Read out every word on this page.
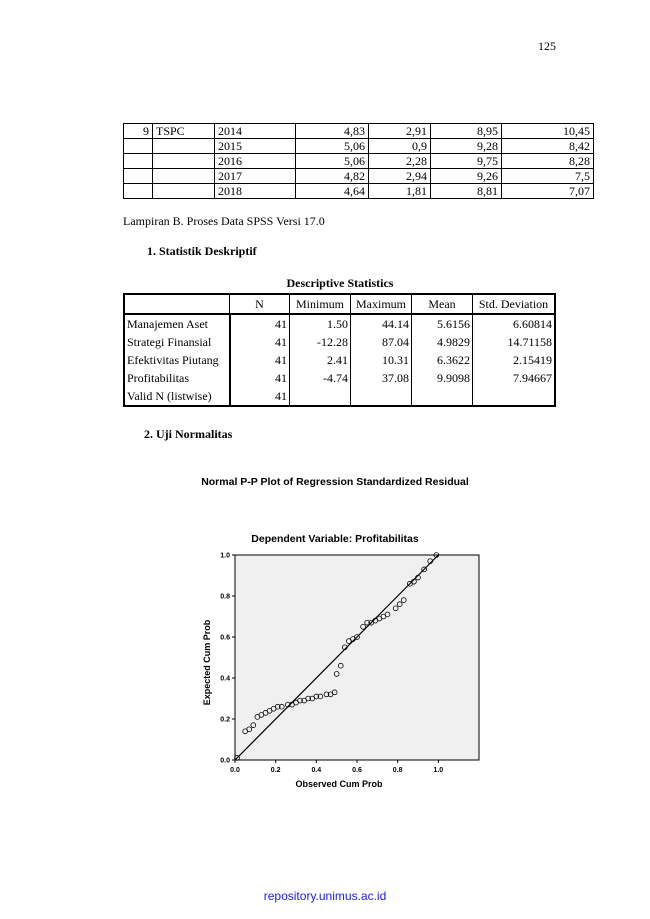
125
9	TSPC	2014	4,83	2,91	8,95	10,45
		2015	5,06	0,9	9,28	8,42
		2016	5,06	2,28	9,75	8,28
		2017	4,82	2,94	9,26	7,5
		2018	4,64	1,81	8,81	7,07
Lampiran B. Proses Data SPSS Versi 17.0
1. Statistik Deskriptif
Descriptive Statistics
	N	Minimum	Maximum	Mean	Std. Deviation
Manajemen Aset	41	1.50	44.14	5.6156	6.60814
Strategi Finansial	41	-12.28	87.04	4.9829	14.71158
Efektivitas Piutang	41	2.41	10.31	6.3622	2.15419
Profitabilitas	41	-4.74	37.08	9.9098	7.94667
Valid N (listwise)	41				
2. Uji Normalitas
Normal P-P Plot of Regression Standardized Residual
Dependent Variable: Profitabilitas
0.0	0.2	0.4	0.6	0.8	1.0
0.0
0.2
0.4
0.6
0.8
1.0
Observed Cum Prob
Expected Cum Prob
repository.unimus.ac.id
